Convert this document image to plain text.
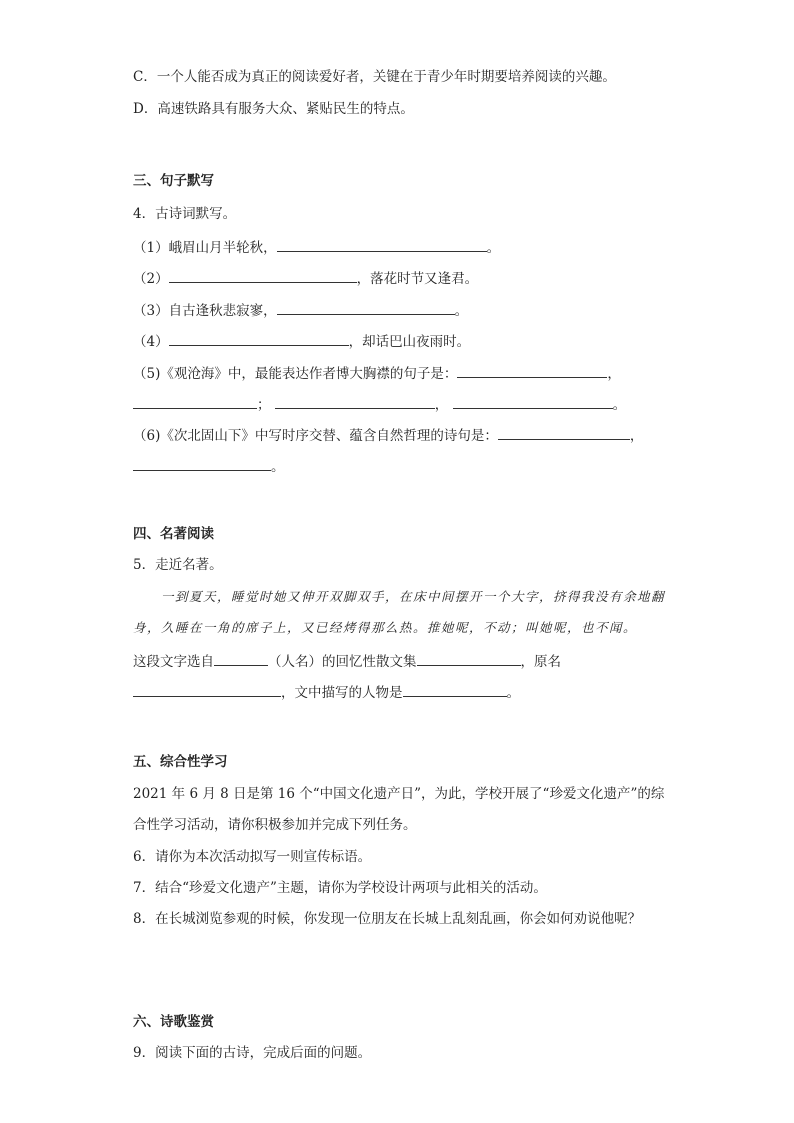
C．一个人能否成为真正的阅读爱好者，关键在于青少年时期要培养阅读的兴趣。
D．高速铁路具有服务大众、紧贴民生的特点。
三、句子默写
4．古诗词默写。
（1）峨眉山月半轮秋，	。
（2）	，落花时节又逢君。
（3）自古逢秋悲寂寥，	。
（4）	，却话巴山夜雨时。
（5)《观沧海》中，最能表达作者博大胸襟的句子是：	，
；	，	。
（6)《次北固山下》中写时序交替、蕴含自然哲理的诗句是：	，
。
四、名著阅读
5．走近名著。
一到夏天，睡觉时她又伸开双脚双手，在床中间摆开一个大字，挤得我没有余地翻
身，久睡在一角的席子上，又已经烤得那么热。推她呢，不动；叫她呢，也不闻。
这段文字选自	（人名）的回忆性散文集	，原名
，文中描写的人物是	。
五、综合性学习
2021 年 6 月 8 日是第 16 个“中国文化遗产日”，为此，学校开展了“珍爱文化遗产”的综
合性学习活动，请你积极参加并完成下列任务。
6．请你为本次活动拟写一则宣传标语。
7．结合“珍爱文化遗产”主题，请你为学校设计两项与此相关的活动。
8．在长城浏览参观的时候，你发现一位朋友在长城上乱刻乱画，你会如何劝说他呢？
六、诗歌鉴赏
9．阅读下面的古诗，完成后面的问题。
